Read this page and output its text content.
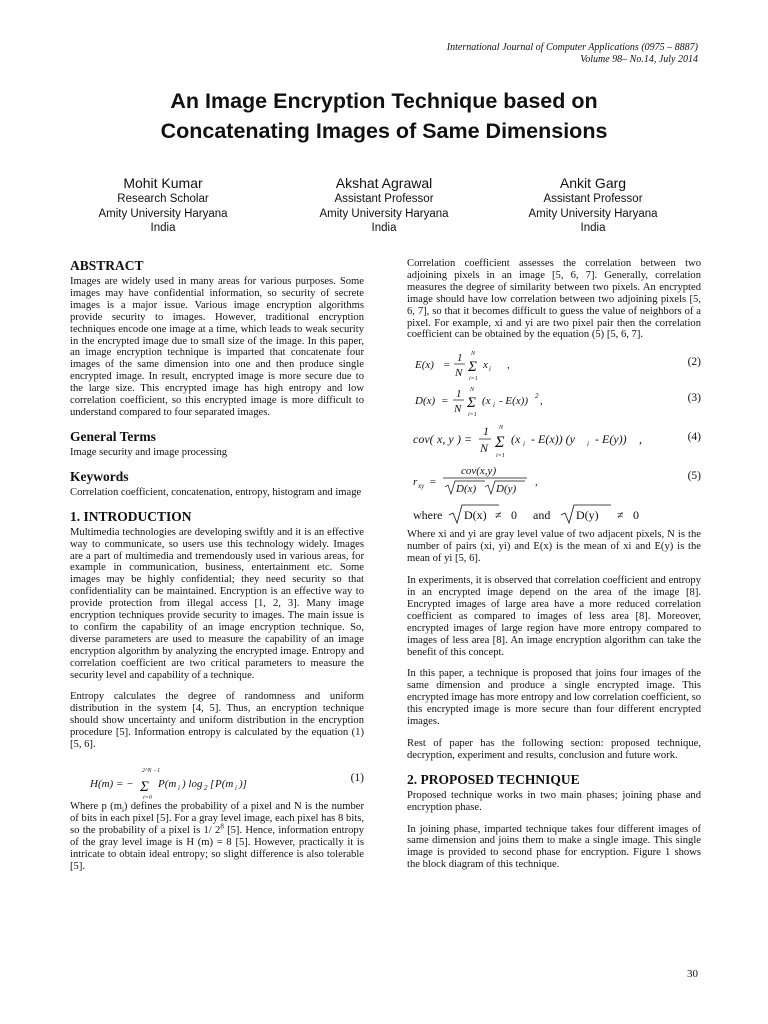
International Journal of Computer Applications (0975 – 8887)
Volume 98– No.14, July 2014
An Image Encryption Technique based on
Concatenating Images of Same Dimensions
Mohit Kumar
Research Scholar
Amity University Haryana
India
Akshat Agrawal
Assistant Professor
Amity University Haryana
India
Ankit Garg
Assistant Professor
Amity University Haryana
India
ABSTRACT

Images are widely used in many areas for various purposes. Some images may have confidential information, so security of secrete images is a major issue. Various image encryption algorithms provide security to images. However, traditional encryption techniques encode one image at a time, which leads to weak security in the encrypted image due to small size of the image. In this paper, an image encryption technique is imparted that concatenate four images of the same dimension into one and then produce single encrypted image. In result, encrypted image is more secure due to the large size. This encrypted image has high entropy and low correlation coefficient, so this encrypted image is more difficult to understand compared to four separated images.

General Terms

Image security and image processing

Keywords

Correlation coefficient, concatenation, entropy, histogram and image

1. INTRODUCTION

Multimedia technologies are developing swiftly and it is an effective way to communicate, so users use this technology widely. Images are a part of multimedia and tremendously used in various areas, for example in communication, business, entertainment etc. Some images may be highly confidential; they need security so that confidentiality can be maintained. Encryption is an effective way to provide protection from illegal access [1, 2, 3]. Many image encryption techniques provide security to images. The main issue is to confirm the capability of an image encryption technique. So, diverse parameters are used to measure the capability of an image encryption algorithm by analyzing the encrypted image. Entropy and correlation coefficient are two critical parameters to measure the security level and capability of a technique.

Entropy calculates the degree of randomness and uniform distribution in the system [4, 5]. Thus, an encryption technique should show uncertainty and uniform distribution in the encryption procedure [5]. Information entropy is calculated by the equation (1) [5, 6].

H(m) = −
2^N −1
Σ
i=0
P(m i ) log 2 [ P(m i )]	(1)

Where p $(m_i)$ defines the probability of a pixel and N is the number of bits in each pixel [5]. For a gray level image, each pixel has 8 bits, so the probability of a pixel is 1/ $2^8$ [5]. Hence, information entropy of the gray level image is H (m) = 8 [5]. However, practically it is intricate to obtain ideal entropy; so slight difference is also tolerable [5].

Correlation coefficient assesses the correlation between two adjoining pixels in an image [5, 6, 7]. Generally, correlation measures the degree of similarity between two pixels. An encrypted image should have low correlation between two adjoining pixels [5, 6, 7], so that it becomes difficult to guess the value of neighbors of a pixel. For example, xi and yi are two pixel pair then the correlation coefficient can be obtained by the equation (5) [5, 6, 7].

E(x) =
1
N
N
Σ
i=1
x i ,	(2)
D(x) =
1
N
N
Σ
i=1
(x i - E(x)) 2 ,	(3)
cov( x, y ) =
1
N
N
Σ
i=1
(x i - E(x)) (y i - E(y)) ,	(4)
r xy =
cov(x,y)
D(x) D(y)
,	(5)
where D(x) ≠ 0 and D(y) ≠ 0

Where xi and yi are gray level value of two adjacent pixels, N is the number of pairs (xi, yi) and E(x) is the mean of xi and E(y) is the mean of yi [5, 6].

In experiments, it is observed that correlation coefficient and entropy in an encrypted image depend on the area of the image [8]. Encrypted images of large area have a more reduced correlation coefficient as compared to images of less area [8]. Moreover, encrypted images of large region have more entropy compared to images of less area [8]. An image encryption algorithm can take the benefit of this concept.

In this paper, a technique is proposed that joins four images of the same dimension and produce a single encrypted image. This encrypted image has more entropy and low correlation coefficient, so this encrypted image is more secure than four different encrypted images.

Rest of paper has the following section: proposed technique, decryption, experiment and results, conclusion and future work.

2. PROPOSED TECHNIQUE

Proposed technique works in two main phases; joining phase and encryption phase.

In joining phase, imparted technique takes four different images of same dimension and joins them to make a single image. This single image is provided to second phase for encryption. Figure 1 shows the block diagram of this technique.

30
